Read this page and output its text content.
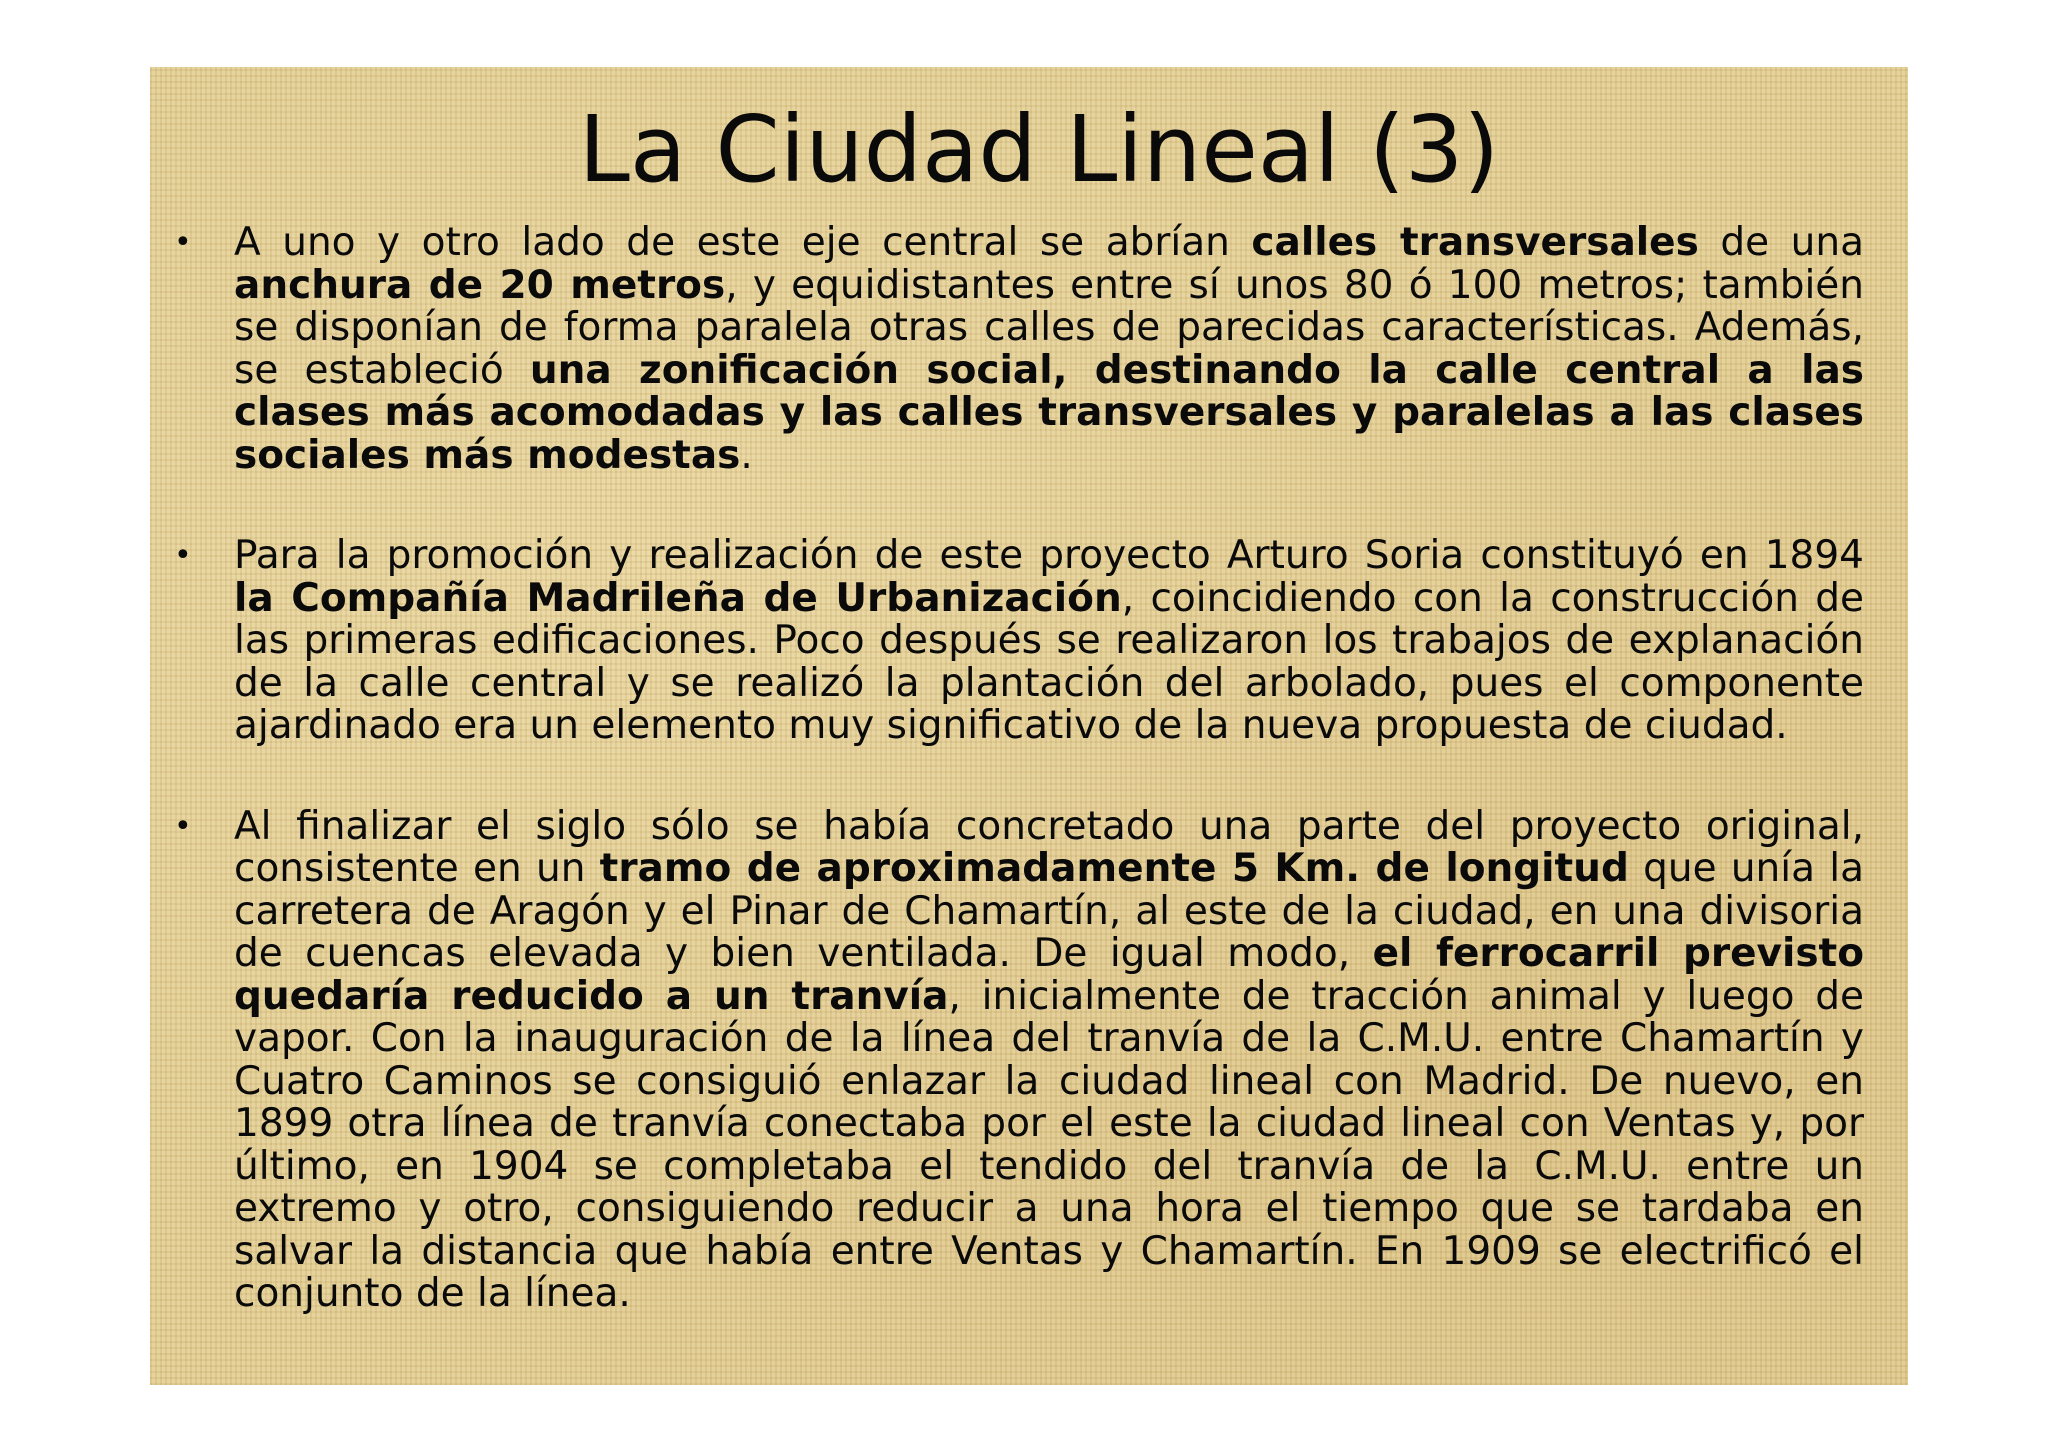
La Ciudad Lineal (3)
• A uno y otro lado de este eje central se abrían calles transversales de una anchura de 20 metros, y equidistantes entre sí unos 80 ó 100 metros; también se disponían de forma paralela otras calles de parecidas características. Además, se estableció una zonificación social, destinando la calle central a las clases más acomodadas y las calles transversales y paralelas a las clases sociales más modestas.
• Para la promoción y realización de este proyecto Arturo Soria constituyó en 1894 la Compañía Madrileña de Urbanización, coincidiendo con la construcción de las primeras edificaciones. Poco después se realizaron los trabajos de explanación de la calle central y se realizó la plantación del arbolado, pues el componente ajardinado era un elemento muy significativo de la nueva propuesta de ciudad.
• Al finalizar el siglo sólo se había concretado una parte del proyecto original, consistente en un tramo de aproximadamente 5 Km. de longitud que unía la carretera de Aragón y el Pinar de Chamartín, al este de la ciudad, en una divisoria de cuencas elevada y bien ventilada. De igual modo, el ferrocarril previsto quedaría reducido a un tranvía, inicialmente de tracción animal y luego de vapor. Con la inauguración de la línea del tranvía de la C.M.U. entre Chamartín y Cuatro Caminos se consiguió enlazar la ciudad lineal con Madrid. De nuevo, en 1899 otra línea de tranvía conectaba por el este la ciudad lineal con Ventas y, por último, en 1904 se completaba el tendido del tranvía de la C.M.U. entre un extremo y otro, consiguiendo reducir a una hora el tiempo que se tardaba en salvar la distancia que había entre Ventas y Chamartín. En 1909 se electrificó el conjunto de la línea.
